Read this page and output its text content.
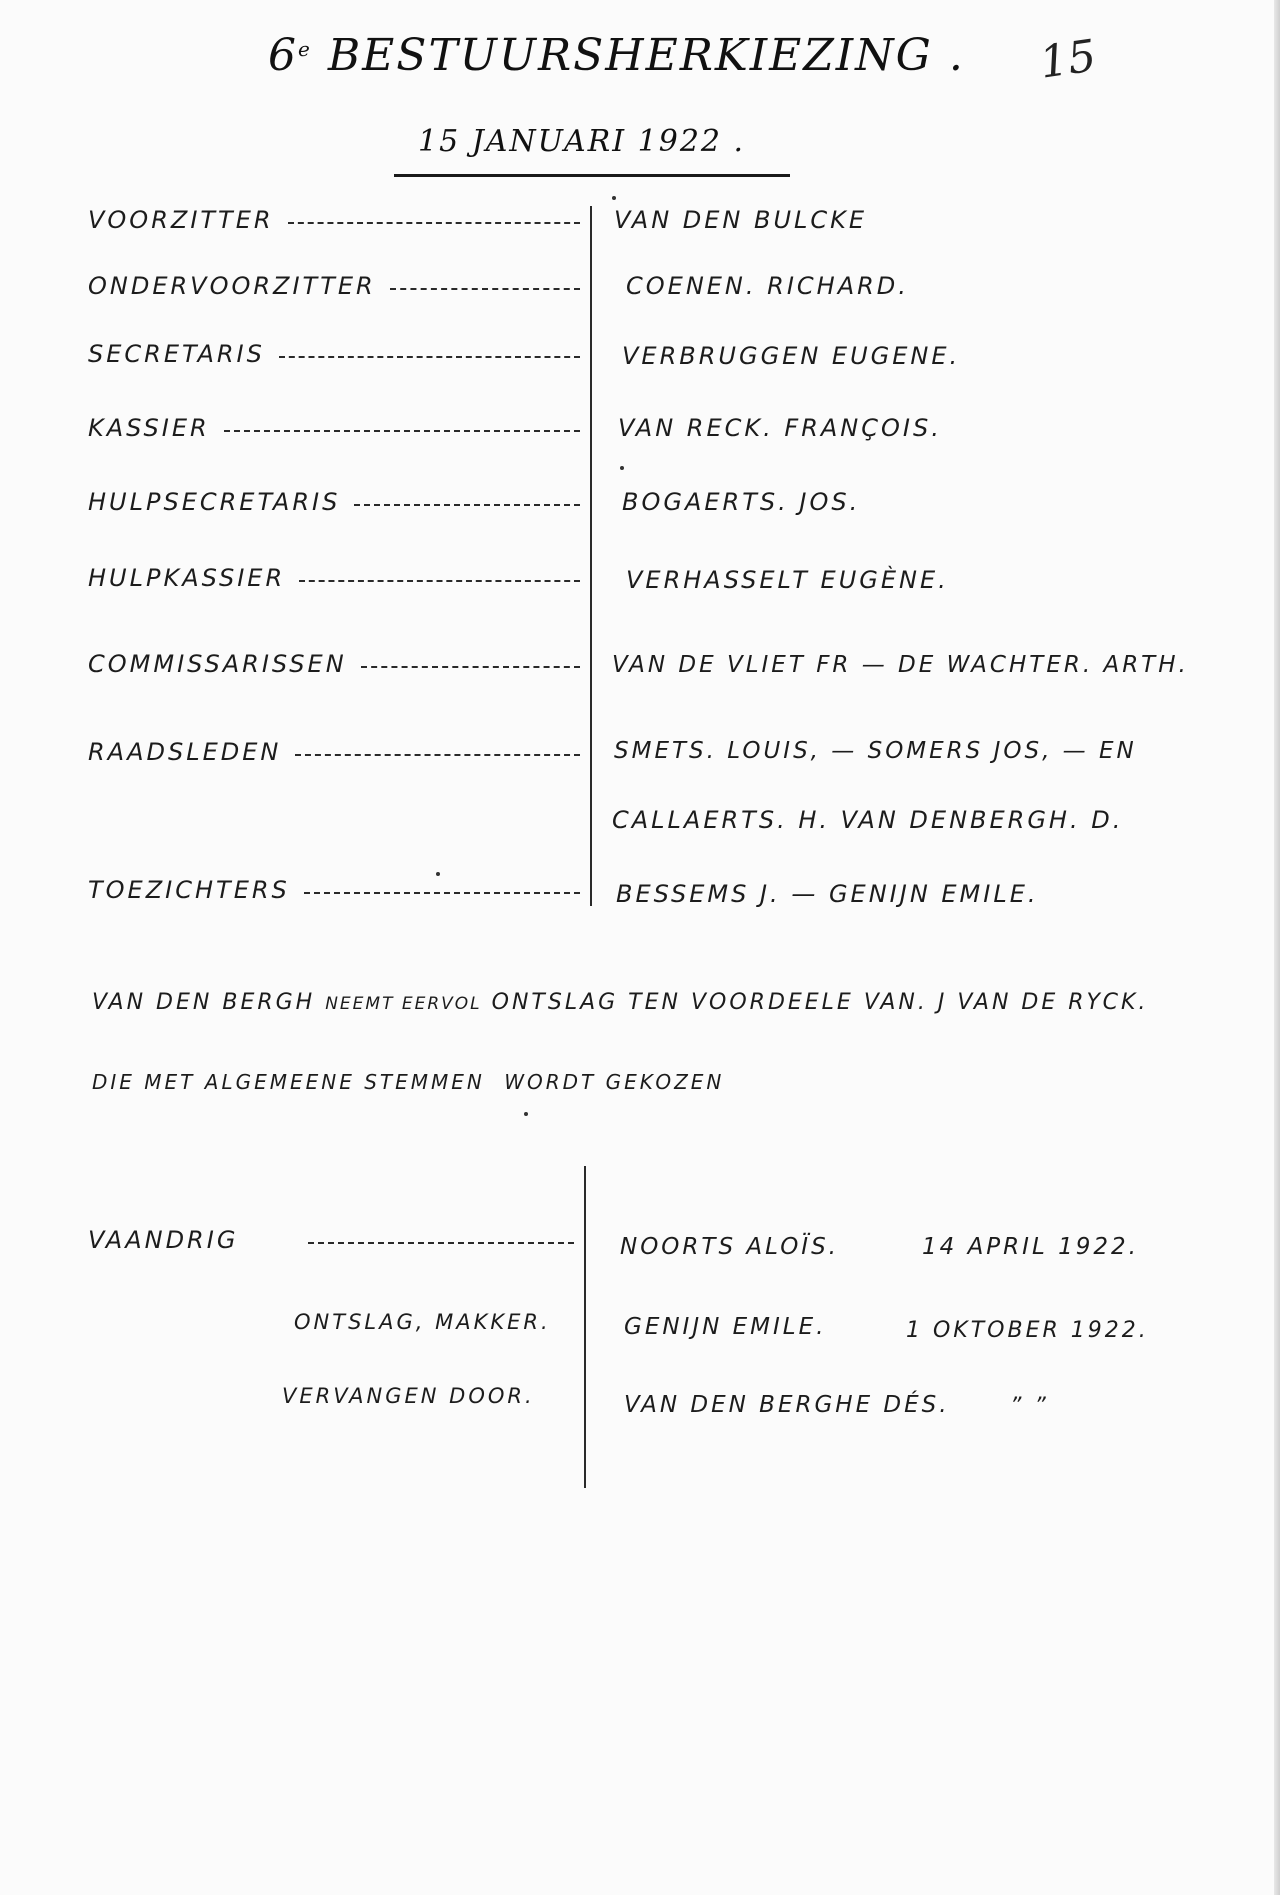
6e BESTUURSHERKIEZING . 15
15 JANUARI 1922 .
VOORZITTER	VAN DEN BULCKE
ONDERVOORZITTER	COENEN. RICHARD.
SECRETARIS	VERBRUGGEN EUGENE.
KASSIER	VAN RECK. FRANÇOIS.
HULPSECRETARIS	BOGAERTS. JOS.
HULPKASSIER	VERHASSELT EUGÈNE.
COMMISSARISSEN	VAN DE VLIET FR — DE WACHTER. ARTH.
RAADSLEDEN	SMETS. LOUIS, — SOMERS JOS, — EN
CALLAERTS. H. VAN DENBERGH. D.
TOEZICHTERS	BESSEMS J. — GENIJN EMILE.
VAN DEN BERGH NEEMT EERVOL ONTSLAG TEN VOORDEELE VAN. J VAN DE RYCK.
DIE MET ALGEMEENE STEMMEN WORDT GEKOZEN
VAANDRIG	NOORTS ALOÏS.	14 APRIL 1922.
ONTSLAG, MAKKER.	GENIJN EMILE.	1 OKTOBER 1922.
VERVANGEN DOOR.	VAN DEN BERGHE DÉS.	” ”
